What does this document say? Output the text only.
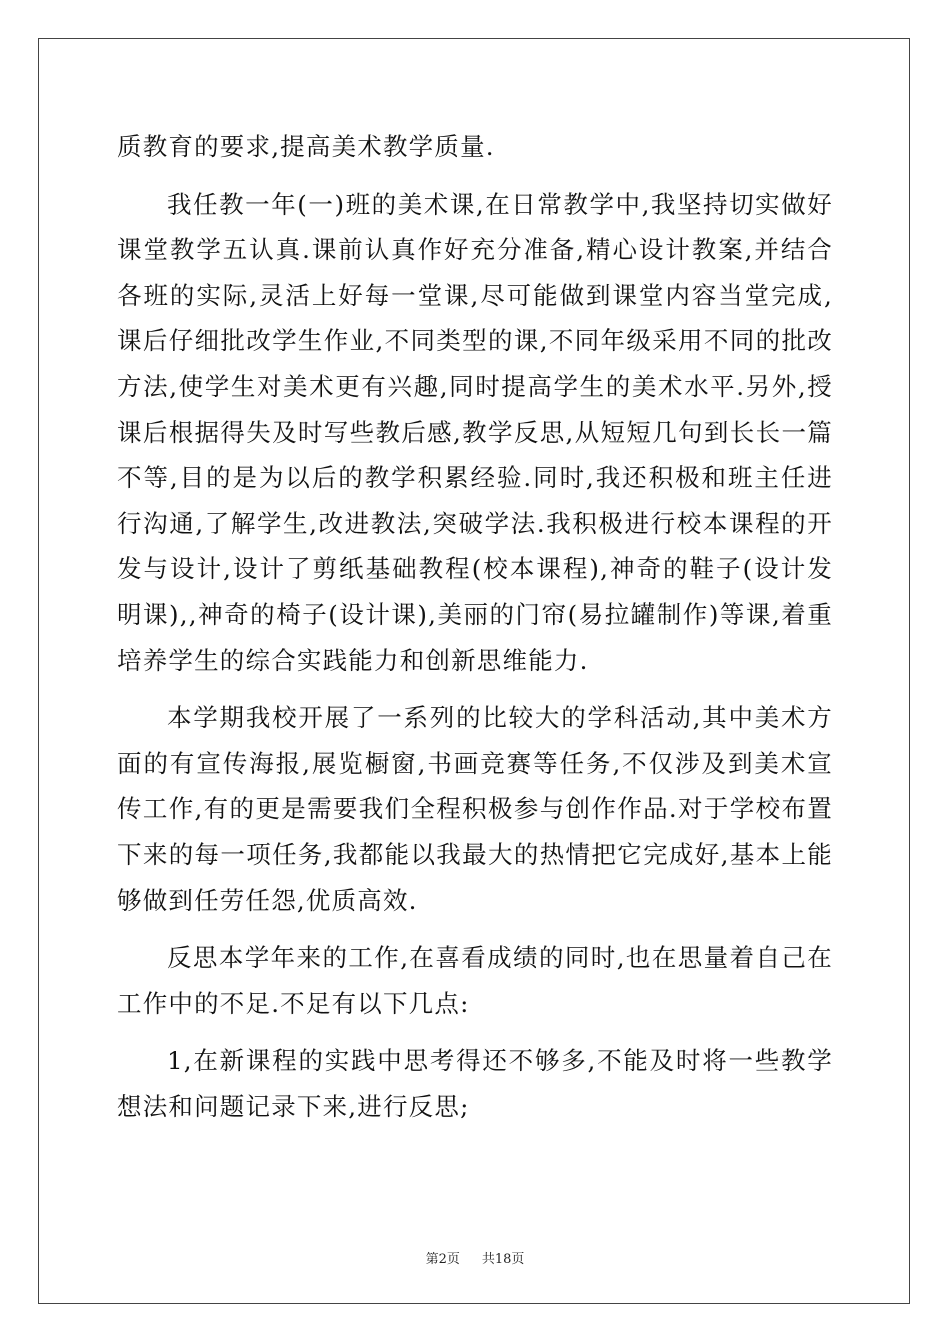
质教育的要求,提高美术教学质量.

我任教一年(一)班的美术课,在日常教学中,我坚持切实做好课堂教学五认真.课前认真作好充分准备,精心设计教案,并结合各班的实际,灵活上好每一堂课,尽可能做到课堂内容当堂完成,课后仔细批改学生作业,不同类型的课,不同年级采用不同的批改方法,使学生对美术更有兴趣,同时提高学生的美术水平.另外,授课后根据得失及时写些教后感,教学反思,从短短几句到长长一篇不等,目的是为以后的教学积累经验.同时,我还积极和班主任进行沟通,了解学生,改进教法,突破学法.我积极进行校本课程的开发与设计,设计了剪纸基础教程(校本课程),神奇的鞋子(设计发明课),,神奇的椅子(设计课),美丽的门帘(易拉罐制作)等课,着重培养学生的综合实践能力和创新思维能力.

本学期我校开展了一系列的比较大的学科活动,其中美术方面的有宣传海报,展览橱窗,书画竞赛等任务,不仅涉及到美术宣传工作,有的更是需要我们全程积极参与创作作品.对于学校布置下来的每一项任务,我都能以我最大的热情把它完成好,基本上能够做到任劳任怨,优质高效.

反思本学年来的工作,在喜看成绩的同时,也在思量着自己在工作中的不足.不足有以下几点:

1,在新课程的实践中思考得还不够多,不能及时将一些教学想法和问题记录下来,进行反思;

第2页 共18页
